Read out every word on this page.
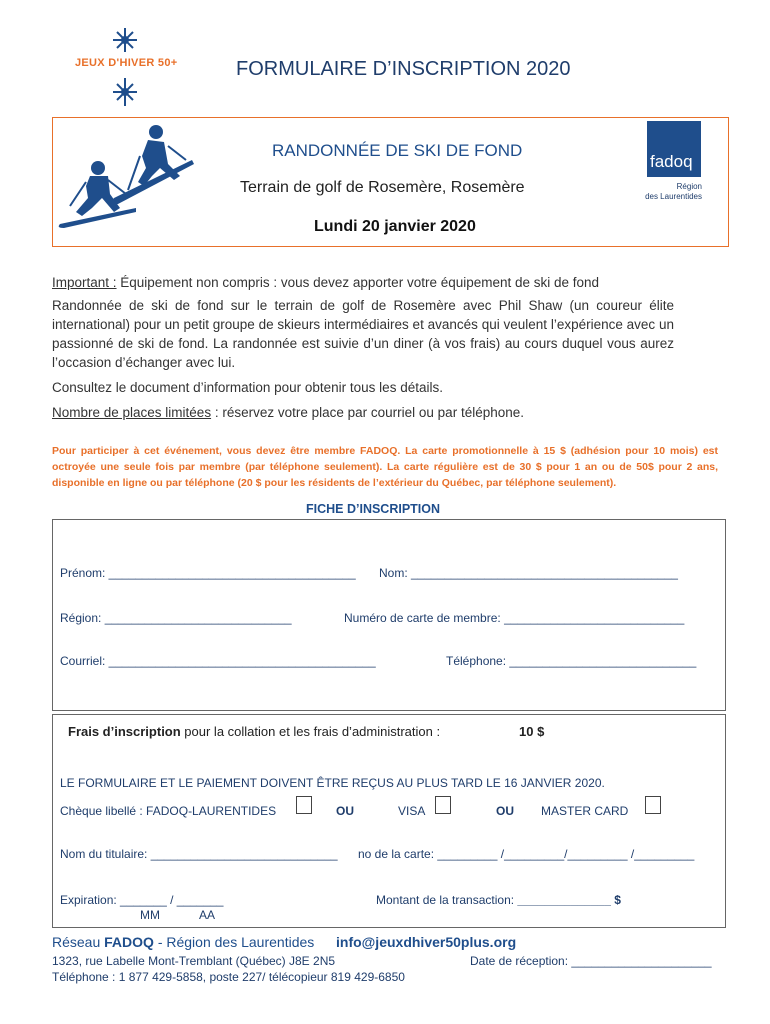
JEUX D'HIVER 50+	FORMULAIRE D’INSCRIPTION 2020
RANDONNÉE DE SKI DE FOND
Terrain de golf de Rosemère, Rosemère
Lundi 20 janvier 2020
fadoq
Région
des Laurentides
Important : Équipement non compris : vous devez apporter votre équipement de ski de fond
Randonnée de ski de fond sur le terrain de golf de Rosemère avec Phil Shaw (un coureur élite international) pour un petit groupe de skieurs intermédiaires et avancés qui veulent l’expérience avec un passionné de ski de fond. La randonnée est suivie d’un diner (à vos frais) au cours duquel vous aurez l’occasion d’échanger avec lui.
Consultez le document d’information pour obtenir tous les détails.
Nombre de places limitées : réservez votre place par courriel ou par téléphone.
Pour participer à cet événement, vous devez être membre FADOQ. La carte promotionnelle à 15 $ (adhésion pour 10 mois) est octroyée une seule fois par membre (par téléphone seulement). La carte régulière est de 30 $ pour 1 an ou de 50$ pour 2 ans, disponible en ligne ou par téléphone (20 $ pour les résidents de l’extérieur du Québec, par téléphone seulement).
FICHE D’INSCRIPTION
Prénom: _____________________________________ Nom: ________________________________________
Région: ____________________________	Numéro de carte de membre: ___________________________
Courriel: ________________________________________	Téléphone: ____________________________
Frais d’inscription pour la collation et les frais d’administration :	10 $
LE FORMULAIRE ET LE PAIEMENT DOIVENT ÊTRE REÇUS AU PLUS TARD LE 16 JANVIER 2020.
Chèque libellé : FADOQ-LAURENTIDES	OU	VISA	OU MASTER CARD
Nom du titulaire: ____________________________ no de la carte: _________ /_________/_________ /_________
Expiration: _______ / _______
MM	AA
Montant de la transaction: ______________ $
Réseau FADOQ - Région des Laurentides info@jeuxdhiver50plus.org
1323, rue Labelle Mont-Tremblant (Québec) J8E 2N5
Téléphone : 1 877 429-5858, poste 227/ télécopieur 819 429-6850
Date de réception: _____________________
